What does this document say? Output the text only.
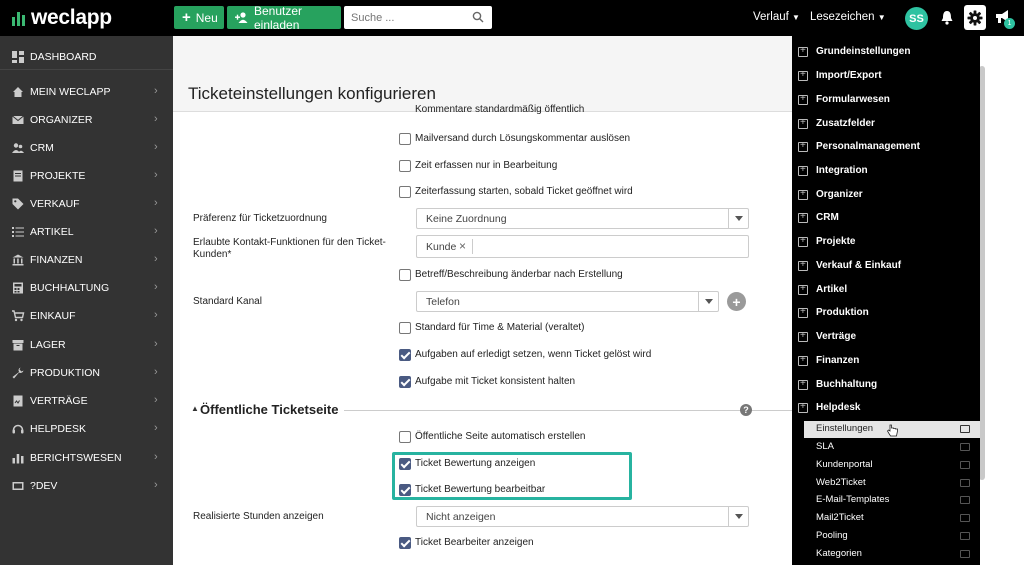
weclapp	+ Neu	Benutzer einladen
Suche ...
Verlauf ▼ Lesezeichen ▼	SS	1
DASHBOARD
MEIN WECLAPP	›
ORGANIZER	›
CRM	›
PROJEKTE	›
VERKAUF	›
ARTIKEL	›
FINANZEN	›
BUCHHALTUNG	›
EINKAUF	›
LAGER	›
PRODUKTION	›
VERTRÄGE	›
HELPDESK	›
BERICHTSWESEN	›
?DEV	›
Ticketeinstellungen konfigurieren
Kommentare standardmäßig öffentlich
Mailversand durch Lösungskommentar auslösen
Zeit erfassen nur in Bearbeitung
Zeiterfassung starten, sobald Ticket geöffnet wird
Präferenz für Ticketzuordnung	Keine Zuordnung
Erlaubte Kontakt-Funktionen für den Ticket-Kunden*
Kunde ×
Betreff/Beschreibung änderbar nach Erstellung
Standard Kanal	Telefon	+
Standard für Time & Material (veraltet)
Aufgaben auf erledigt setzen, wenn Ticket gelöst wird
Aufgabe mit Ticket konsistent halten
▲ Öffentliche Ticketseite	?
Öffentliche Seite automatisch erstellen
Ticket Bewertung anzeigen
Ticket Bewertung bearbeitbar
Realisierte Stunden anzeigen	Nicht anzeigen
Ticket Bearbeiter anzeigen
+
Grundeinstellungen
+
Import/Export
+
Formularwesen
+
Zusatzfelder
+
Personalmanagement
+
Integration
+
Organizer
+
CRM
+
Projekte
+
Verkauf & Einkauf
+
Artikel
+
Produktion
+
Verträge
+
Finanzen
+
Buchhaltung
+
Helpdesk
Einstellungen
SLA
Kundenportal
Web2Ticket
E-Mail-Templates
Mail2Ticket
Pooling
Kategorien
